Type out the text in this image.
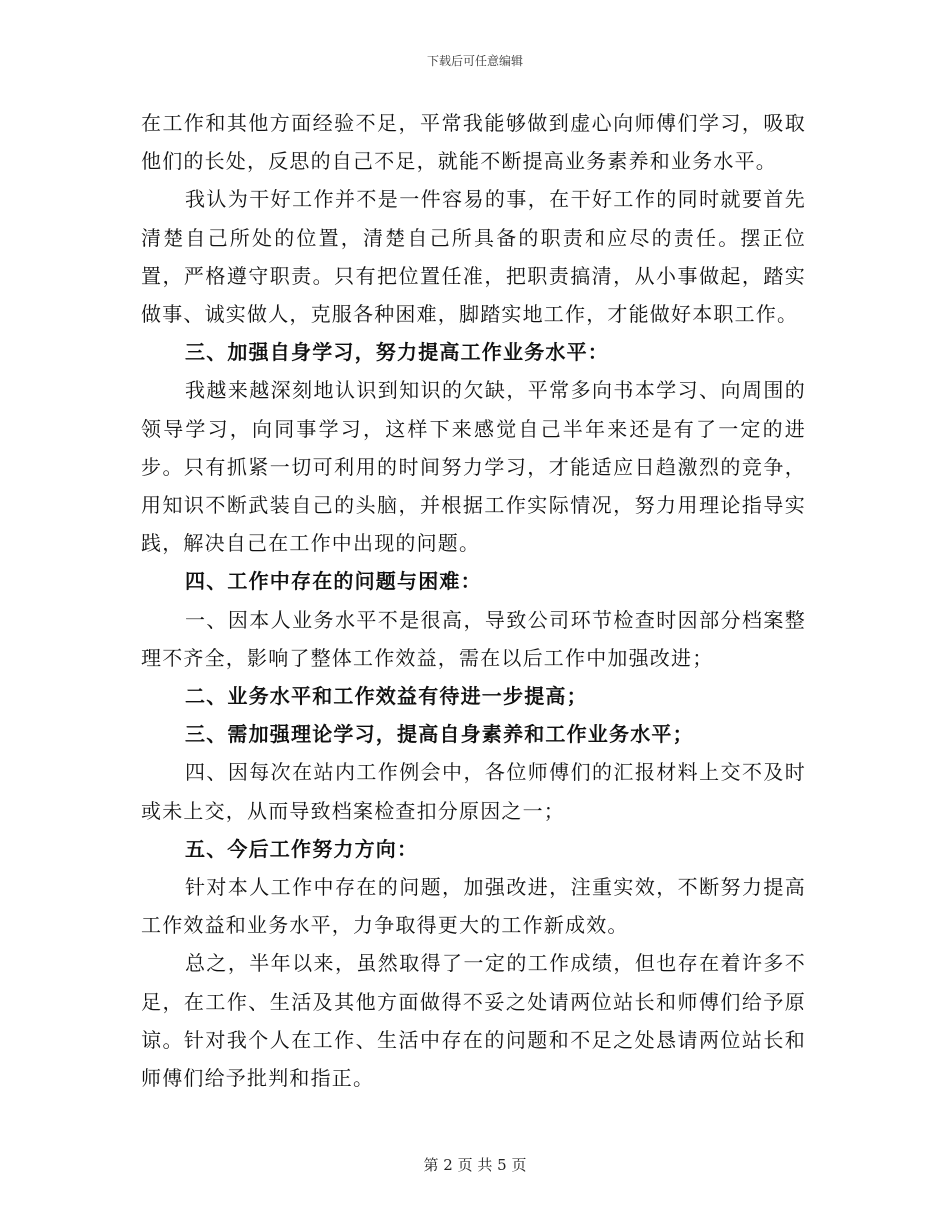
下载后可任意编辑

在工作和其他方面经验不足，平常我能够做到虚心向师傅们学习，吸取他们的长处，反思的自己不足，就能不断提高业务素养和业务水平。

我认为干好工作并不是一件容易的事，在干好工作的同时就要首先清楚自己所处的位置，清楚自己所具备的职责和应尽的责任。摆正位置，严格遵守职责。只有把位置任准，把职责搞清，从小事做起，踏实做事、诚实做人，克服各种困难，脚踏实地工作，才能做好本职工作。

三、加强自身学习，努力提高工作业务水平：

我越来越深刻地认识到知识的欠缺，平常多向书本学习、向周围的领导学习，向同事学习，这样下来感觉自己半年来还是有了一定的进步。只有抓紧一切可利用的时间努力学习，才能适应日趋激烈的竞争，用知识不断武装自己的头脑，并根据工作实际情况，努力用理论指导实践，解决自己在工作中出现的问题。

四、工作中存在的问题与困难：

一、因本人业务水平不是很高，导致公司环节检查时因部分档案整理不齐全，影响了整体工作效益，需在以后工作中加强改进；

二、业务水平和工作效益有待进一步提高；

三、需加强理论学习，提高自身素养和工作业务水平；

四、因每次在站内工作例会中，各位师傅们的汇报材料上交不及时或未上交，从而导致档案检查扣分原因之一；

五、今后工作努力方向：

针对本人工作中存在的问题，加强改进，注重实效，不断努力提高工作效益和业务水平，力争取得更大的工作新成效。

总之，半年以来，虽然取得了一定的工作成绩，但也存在着许多不足，在工作、生活及其他方面做得不妥之处请两位站长和师傅们给予原谅。针对我个人在工作、生活中存在的问题和不足之处恳请两位站长和师傅们给予批判和指正。

第 2 页 共 5 页
